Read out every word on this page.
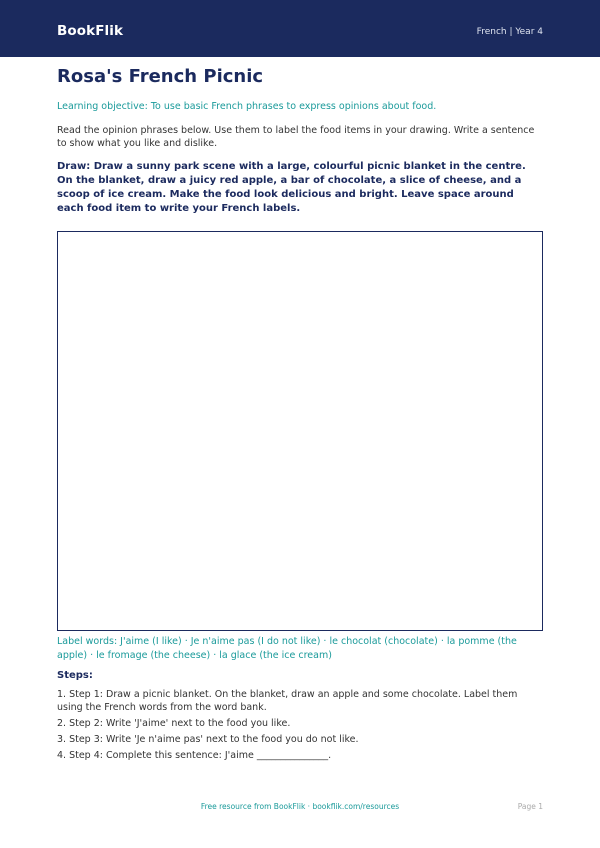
BookFlik	French | Year 4
Rosa's French Picnic
Learning objective: To use basic French phrases to express opinions about food.
Read the opinion phrases below. Use them to label the food items in your drawing. Write a sentence to show what you like and dislike.
Draw: Draw a sunny park scene with a large, colourful picnic blanket in the centre. On the blanket, draw a juicy red apple, a bar of chocolate, a slice of cheese, and a scoop of ice cream. Make the food look delicious and bright. Leave space around each food item to write your French labels.
Label words: J'aime (I like) · Je n'aime pas (I do not like) · le chocolat (chocolate) · la pomme (the apple) · le fromage (the cheese) · la glace (the ice cream)
Steps:
1. Step 1: Draw a picnic blanket. On the blanket, draw an apple and some chocolate. Label them using the French words from the word bank.
2. Step 2: Write 'J'aime' next to the food you like.
3. Step 3: Write 'Je n'aime pas' next to the food you do not like.
4. Step 4: Complete this sentence: J'aime _______________.
Free resource from BookFlik · bookflik.com/resources	Page 1
